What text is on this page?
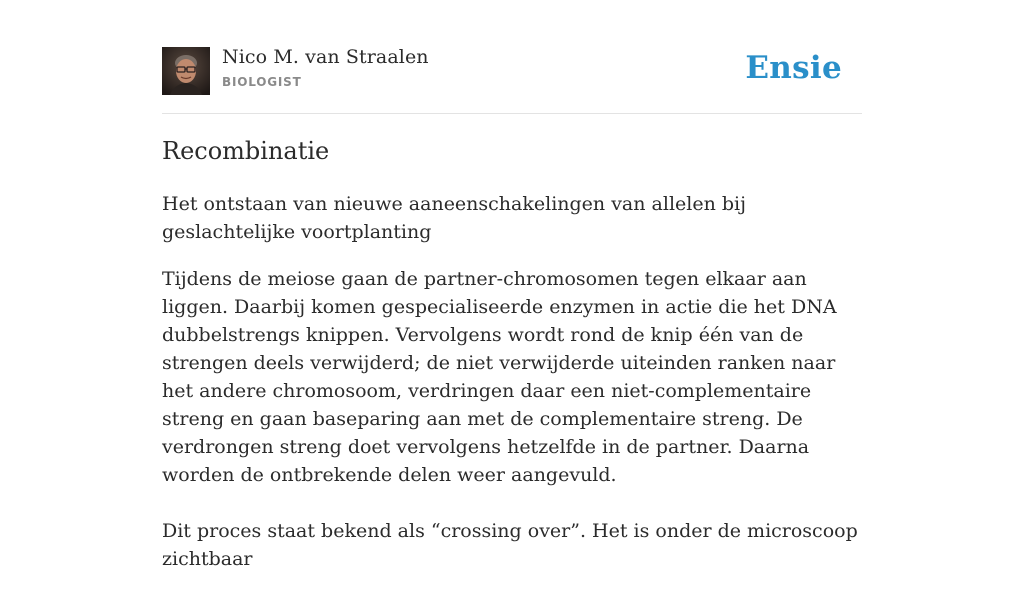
Nico M. van Straalen
BIOLOGIST	Ensie
Recombinatie

Het ontstaan van nieuwe aaneenschakelingen van allelen bij geslachtelijke voortplanting

Tijdens de meiose gaan de partner-chromosomen tegen elkaar aan liggen. Daarbij komen gespecialiseerde enzymen in actie die het DNA dubbelstrengs knippen. Vervolgens wordt rond de knip één van de strengen deels verwijderd; de niet verwijderde uiteinden ranken naar het andere chromosoom, verdringen daar een niet-complementaire streng en gaan baseparing aan met de complementaire streng. De verdrongen streng doet vervolgens hetzelfde in de partner. Daarna worden de ontbrekende delen weer aangevuld.

Dit proces staat bekend als “crossing over”. Het is onder de microscoop zichtbaar
